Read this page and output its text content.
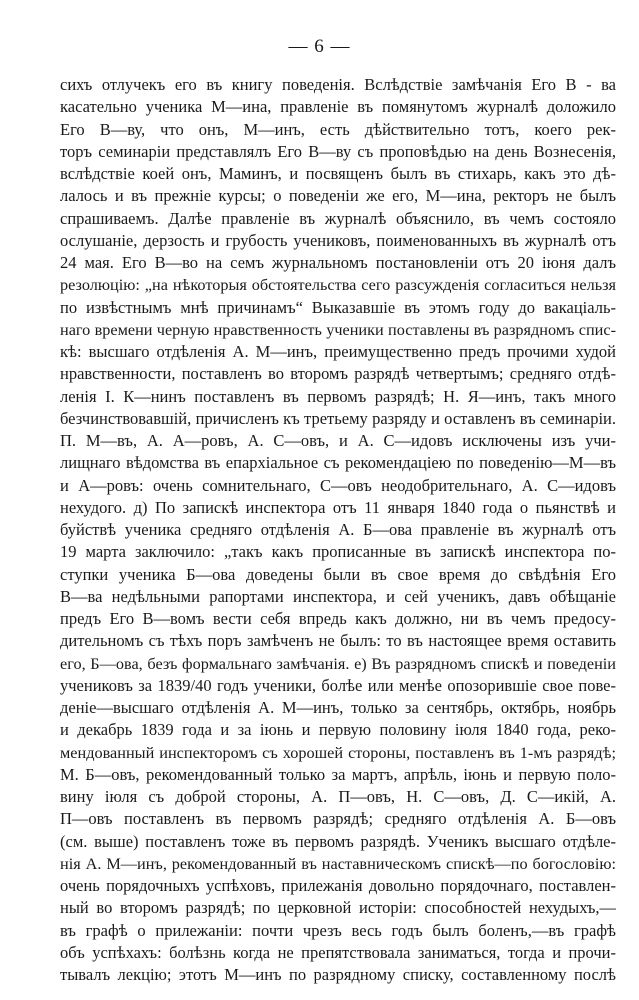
— 6 —
сихъ отлучекъ его въ книгу поведенія. Вслѣдствіе замѣчанія Его В - ва
касательно ученика М—ина, правленіе въ помянутомъ журналѣ доложило
Его В—ву, что онъ, М—инъ, есть дѣйствительно тотъ, коего рек-
торъ семинаріи представлялъ Его В—ву съ проповѣдью на день Вознесенія,
вслѣдствіе коей онъ, Маминъ, и посвященъ былъ въ стихарь, какъ это дѣ-
лалось и въ прежніе курсы; о поведеніи же его, М—ина, ректоръ не былъ
спрашиваемъ. Далѣе правленіе въ журналѣ объяснило, въ чемъ состояло
ослушаніе, дерзость и грубость учениковъ, поименованныхъ въ журналѣ отъ
24 мая. Его В—во на семъ журнальномъ постановленіи отъ 20 іюня далъ
резолюцію: „на нѣкоторыя обстоятельства сего разсужденія согласиться нельзя
по извѣстнымъ мнѣ причинамъ“ Выказавшіе въ этомъ году до вакаціаль-
наго времени черную нравственность ученики поставлены въ разрядномъ спис-
кѣ: высшаго отдѣленія А. М—инъ, преимущественно предъ прочими худой
нравственности, поставленъ во второмъ разрядѣ четвертымъ; средняго отдѣ-
ленія І. К—нинъ поставленъ въ первомъ разрядѣ; Н. Я—инъ, такъ много
безчинствовавшій, причисленъ къ третьему разряду и оставленъ въ семинаріи.
П. М—въ, А. А—ровъ, А. С—овъ, и А. С—идовъ исключены изъ учи-
лищнаго вѣдомства въ епархіальное съ рекомендаціею по поведенію—М—въ
и А—ровъ: очень сомнительнаго, С—овъ неодобрительнаго, А. С—идовъ
нехудого. д) По запискѣ инспектора отъ 11 января 1840 года о пьянствѣ и
буйствѣ ученика средняго отдѣленія А. Б—ова правленіе въ журналѣ отъ
19 марта заключило: „такъ какъ прописанные въ запискѣ инспектора по-
ступки ученика Б—ова доведены были въ свое время до свѣдѣнія Его
В—ва недѣльными рапортами инспектора, и сей ученикъ, давъ обѣщаніе
предъ Его В—вомъ вести себя впредь какъ должно, ни въ чемъ предосу-
дительномъ съ тѣхъ поръ замѣченъ не былъ: то въ настоящее время оставить
его, Б—ова, безъ формальнаго замѣчанія. е) Въ разрядномъ спискѣ и поведеніи
учениковъ за 1839/40 годъ ученики, болѣе или менѣе опозорившіе свое пове-
деніе—высшаго отдѣленія А. М—инъ, только за сентябрь, октябрь, ноябрь
и декабрь 1839 года и за іюнь и первую половину іюля 1840 года, реко-
мендованный инспекторомъ съ хорошей стороны, поставленъ въ 1-мъ разрядѣ;
М. Б—овъ, рекомендованный только за мартъ, апрѣль, іюнь и первую поло-
вину іюля съ доброй стороны, А. П—овъ, Н. С—овъ, Д. С—икій, А.
П—овъ поставленъ въ первомъ разрядѣ; средняго отдѣленія А. Б—овъ
(см. выше) поставленъ тоже въ первомъ разрядѣ. Ученикъ высшаго отдѣле-
нія А. М—инъ, рекомендованный въ наставническомъ спискѣ—по богословію:
очень порядочныхъ успѣховъ, прилежанія довольно порядочнаго, поставлен-
ный во второмъ разрядѣ; по церковной исторіи: способностей нехудыхъ,—
въ графѣ о прилежаніи: почти чрезъ весь годъ былъ боленъ,—въ графѣ
объ успѣхахъ: болѣзнь когда не препятствовала заниматься, тогда и прочи-
тывалъ лекцію; этотъ М—инъ по разрядному списку, составленному послѣ
